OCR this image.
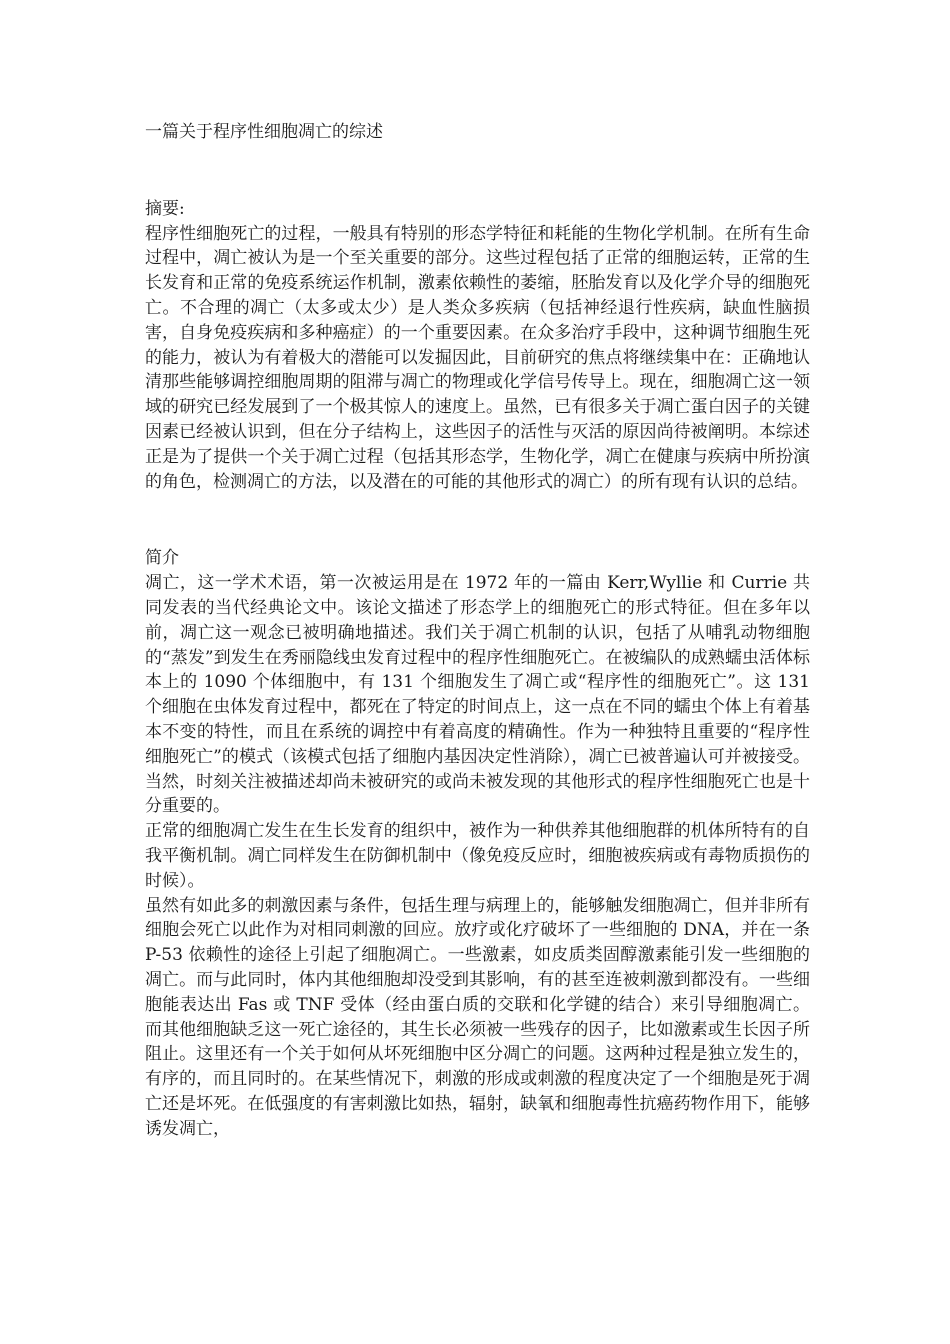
一篇关于程序性细胞凋亡的综述
摘要:

程序性细胞死亡的过程，一般具有特别的形态学特征和耗能的生物化学机制。在所有生命过程中，凋亡被认为是一个至关重要的部分。这些过程包括了正常的细胞运转，正常的生长发育和正常的免疫系统运作机制，激素依赖性的萎缩，胚胎发育以及化学介导的细胞死亡。不合理的凋亡（太多或太少）是人类众多疾病（包括神经退行性疾病，缺血性脑损害，自身免疫疾病和多种癌症）的一个重要因素。在众多治疗手段中，这种调节细胞生死的能力，被认为有着极大的潜能可以发掘因此，目前研究的焦点将继续集中在：正确地认清那些能够调控细胞周期的阻滞与凋亡的物理或化学信号传导上。现在，细胞凋亡这一领域的研究已经发展到了一个极其惊人的速度上。虽然，已有很多关于凋亡蛋白因子的关键因素已经被认识到，但在分子结构上，这些因子的活性与灭活的原因尚待被阐明。本综述正是为了提供一个关于凋亡过程（包括其形态学，生物化学，凋亡在健康与疾病中所扮演的角色，检测凋亡的方法，以及潜在的可能的其他形式的凋亡）的所有现有认识的总结。

简介

凋亡，这一学术术语，第一次被运用是在 1972 年的一篇由 Kerr,Wyllie 和 Currie 共同发表的当代经典论文中。该论文描述了形态学上的细胞死亡的形式特征。但在多年以前，凋亡这一观念已被明确地描述。我们关于凋亡机制的认识，包括了从哺乳动物细胞的“蒸发”到发生在秀丽隐线虫发育过程中的程序性细胞死亡。在被编队的成熟蠕虫活体标本上的 1090 个体细胞中，有 131 个细胞发生了凋亡或“程序性的细胞死亡”。这 131 个细胞在虫体发育过程中，都死在了特定的时间点上，这一点在不同的蠕虫个体上有着基本不变的特性，而且在系统的调控中有着高度的精确性。作为一种独特且重要的“程序性细胞死亡”的模式（该模式包括了细胞内基因决定性消除），凋亡已被普遍认可并被接受。当然，时刻关注被描述却尚未被研究的或尚未被发现的其他形式的程序性细胞死亡也是十分重要的。

正常的细胞凋亡发生在生长发育的组织中，被作为一种供养其他细胞群的机体所特有的自我平衡机制。凋亡同样发生在防御机制中（像免疫反应时，细胞被疾病或有毒物质损伤的时候）。

虽然有如此多的刺激因素与条件，包括生理与病理上的，能够触发细胞凋亡，但并非所有细胞会死亡以此作为对相同刺激的回应。放疗或化疗破坏了一些细胞的 DNA，并在一条 P-53 依赖性的途径上引起了细胞凋亡。一些激素，如皮质类固醇激素能引发一些细胞的凋亡。而与此同时，体内其他细胞却没受到其影响，有的甚至连被刺激到都没有。一些细胞能表达出 Fas 或 TNF 受体（经由蛋白质的交联和化学键的结合）来引导细胞凋亡。而其他细胞缺乏这一死亡途径的，其生长必须被一些残存的因子，比如激素或生长因子所阻止。这里还有一个关于如何从坏死细胞中区分凋亡的问题。这两种过程是独立发生的，有序的，而且同时的。在某些情况下，刺激的形成或刺激的程度决定了一个细胞是死于凋亡还是坏死。在低强度的有害刺激比如热，辐射，缺氧和细胞毒性抗癌药物作用下，能够诱发凋亡，
